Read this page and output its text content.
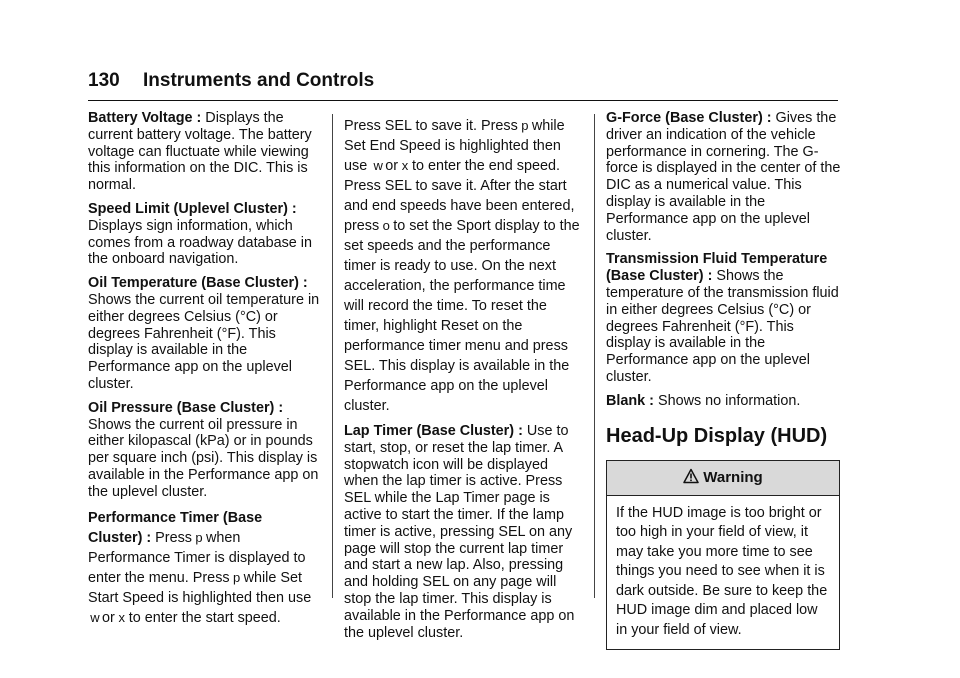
130 Instruments and Controls

Battery Voltage : Displays the current battery voltage. The battery voltage can fluctuate while viewing this information on the DIC. This is normal.

Speed Limit (Uplevel Cluster) : Displays sign information, which comes from a roadway database in the onboard navigation.

Oil Temperature (Base Cluster) : Shows the current oil temperature in either degrees Celsius (°C) or degrees Fahrenheit (°F). This display is available in the Performance app on the uplevel cluster.

Oil Pressure (Base Cluster) : Shows the current oil pressure in either kilopascal (kPa) or in pounds per square inch (psi). This display is available in the Performance app on the uplevel cluster.

Performance Timer (Base Cluster) : Press p when Performance Timer is displayed to enter the menu. Press p while Set Start Speed is highlighted then use w or x to enter the start speed.

Press SEL to save it. Press p while Set End Speed is highlighted then use w or x to enter the end speed. Press SEL to save it. After the start and end speeds have been entered, press o to set the Sport display to the set speeds and the performance timer is ready to use. On the next acceleration, the performance time will record the time. To reset the timer, highlight Reset on the performance timer menu and press SEL. This display is available in the Performance app on the uplevel cluster.

Lap Timer (Base Cluster) : Use to start, stop, or reset the lap timer. A stopwatch icon will be displayed when the lap timer is active. Press SEL while the Lap Timer page is active to start the timer. If the lamp timer is active, pressing SEL on any page will stop the current lap timer and start a new lap. Also, pressing and holding SEL on any page will stop the lap timer. This display is available in the Performance app on the uplevel cluster.

G-Force (Base Cluster) : Gives the driver an indication of the vehicle performance in cornering. The G-force is displayed in the center of the DIC as a numerical value. This display is available in the Performance app on the uplevel cluster.

Transmission Fluid Temperature (Base Cluster) : Shows the temperature of the transmission fluid in either degrees Celsius (°C) or degrees Fahrenheit (°F). This display is available in the Performance app on the uplevel cluster.

Blank : Shows no information.

Head-Up Display (HUD)
Warning
If the HUD image is too bright or too high in your field of view, it may take you more time to see things you need to see when it is dark outside. Be sure to keep the HUD image dim and placed low in your field of view.
